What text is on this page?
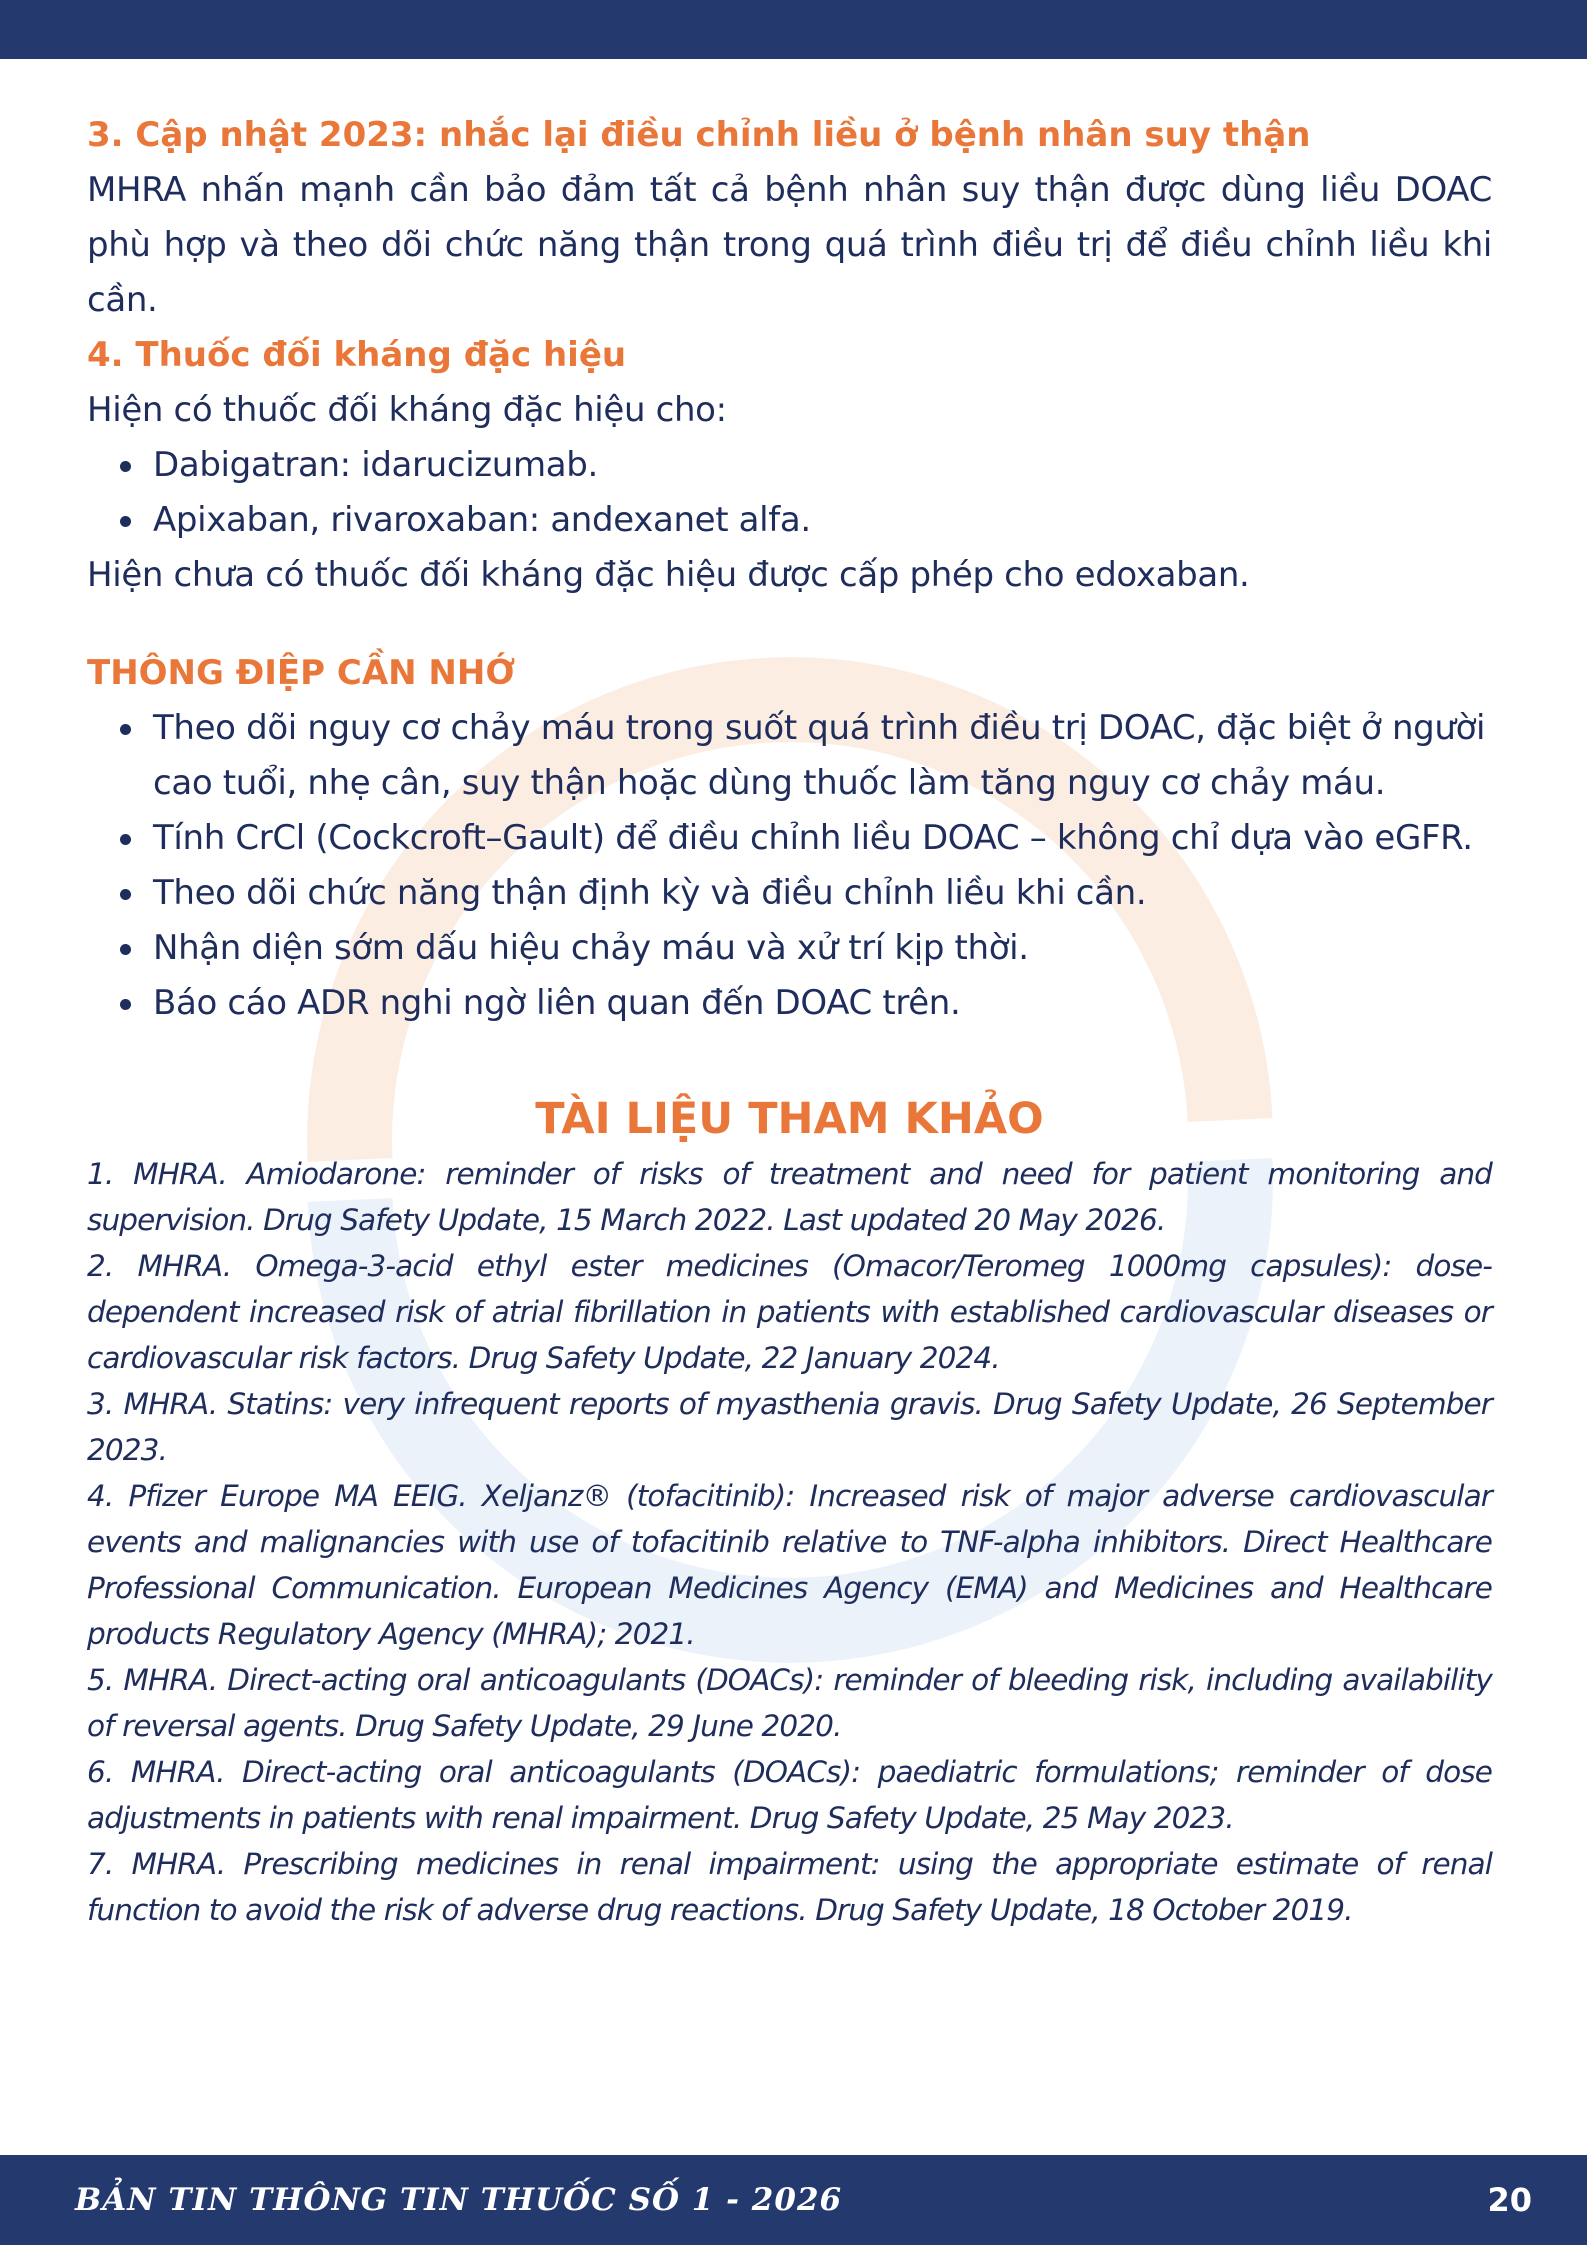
3. Cập nhật 2023: nhắc lại điều chỉnh liều ở bệnh nhân suy thận

MHRA nhấn mạnh cần bảo đảm tất cả bệnh nhân suy thận được dùng liều DOAC phù hợp và theo dõi chức năng thận trong quá trình điều trị để điều chỉnh liều khi cần.

4. Thuốc đối kháng đặc hiệu

Hiện có thuốc đối kháng đặc hiệu cho:

Dabigatran: idarucizumab.
Apixaban, rivaroxaban: andexanet alfa.

Hiện chưa có thuốc đối kháng đặc hiệu được cấp phép cho edoxaban.

THÔNG ĐIỆP CẦN NHỚ
Theo dõi nguy cơ chảy máu trong suốt quá trình điều trị DOAC, đặc biệt ở người cao tuổi, nhẹ cân, suy thận hoặc dùng thuốc làm tăng nguy cơ chảy máu.
Tính CrCl (Cockcroft–Gault) để điều chỉnh liều DOAC – không chỉ dựa vào eGFR.
Theo dõi chức năng thận định kỳ và điều chỉnh liều khi cần.
Nhận diện sớm dấu hiệu chảy máu và xử trí kịp thời.
Báo cáo ADR nghi ngờ liên quan đến DOAC trên.
TÀI LIỆU THAM KHẢO

1. MHRA. Amiodarone: reminder of risks of treatment and need for patient monitoring and supervision. Drug Safety Update, 15 March 2022. Last updated 20 May 2026.

2. MHRA. Omega-3-acid ethyl ester medicines (Omacor/Teromeg 1000mg capsules): dose-dependent increased risk of atrial fibrillation in patients with established cardiovascular diseases or cardiovascular risk factors. Drug Safety Update, 22 January 2024.

3. MHRA. Statins: very infrequent reports of myasthenia gravis. Drug Safety Update, 26 September 2023.

4. Pfizer Europe MA EEIG. Xeljanz® (tofacitinib): Increased risk of major adverse cardiovascular events and malignancies with use of tofacitinib relative to TNF-alpha inhibitors. Direct Healthcare Professional Communication. European Medicines Agency (EMA) and Medicines and Healthcare products Regulatory Agency (MHRA); 2021.

5. MHRA. Direct-acting oral anticoagulants (DOACs): reminder of bleeding risk, including availability of reversal agents. Drug Safety Update, 29 June 2020.

6. MHRA. Direct-acting oral anticoagulants (DOACs): paediatric formulations; reminder of dose adjustments in patients with renal impairment. Drug Safety Update, 25 May 2023.

7. MHRA. Prescribing medicines in renal impairment: using the appropriate estimate of renal function to avoid the risk of adverse drug reactions. Drug Safety Update, 18 October 2019.

BẢN TIN THÔNG TIN THUỐC SỐ 1 - 2026	20
